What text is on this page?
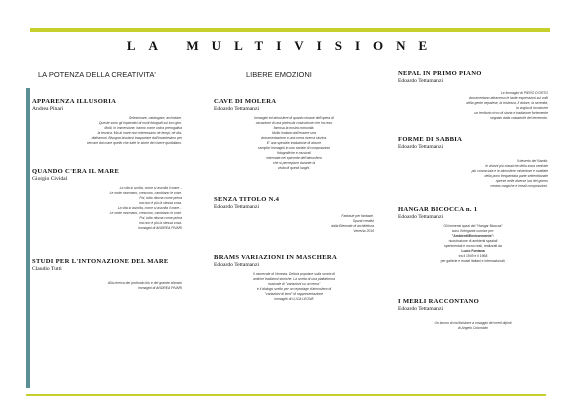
LA MULTIVISIONE
LA POTENZA DELLA CREATIVITA'
APPARENZA ILLUSORIA
Andrea Pinari
Selezionare, catalogare, archiviare.
Queste sono gli imperativi di molti fotografi sul loro giro.
Molti, in immersione, hanno come unica prerogativa
la tecnica. Ma al mare non interessano né tempi, né dia-
diaframmi. Bisogna lasciarsi trasportare dall'incantesimo per
cercare dal mare quello che tutte le storie del vivere quotidiano.
QUANDO C'ERA IL MARE
Giorgio Cividal
La vita si scolta, come si ascolta il mare...
Le onde mormano, crescono, cambiano le cose.
Poi, tutto ritorna come prima
ma non è più la stessa cosa.
La vita si ascolta, come si ascolta il mare...
Le onde mormano, crescono, cambiano le cose.
Poi, tutto ritorna come prima
ma non è più la stessa cosa.
immagini di ANDREA PIVARI
STUDI PER L'INTONAZIONE DEL MARE
Claudio Tutti
Alla ricerca del profondo blu e del grande silenzio
immagini di ANDREA PIVARI
LIBERE EMOZIONI
CAVE DI MOLERA
Edoardo Tettamanzi
Immagini ed atmosfere di quanto rimane dell'opera di
cavazione di una pietra da costruzione che ha reso
famosa la nostra comunità.
Molto lontano dall'essere una
documentazione o una mera ricerca storica.
E' una speciale traduzione di alcune
semplici immagini in uno seriale di composizioni
fotografiche e musicali
intermate nel epicente dell'atmosfera
che si percepisce durante la
visita di questi luoghi.
SENZA TITOLO N.4
Edoardo Tettamanzi
Fantasie per fantasie.
Spunti creativi
dalla Biennale di architettura
Venezia 2016
BRAMS VARIAZIONI IN MASCHERA
Edoardo Tettamanzi
Il carnevale di Venezia. Delicia popolare sulla scorta di
antiche tradizioni storiche. La scelta di una piattaforma
musicale di "variazioni su un tema"
è il dialogo scelto per un reportage d'atmosfera di
"variazioni di temi" di rappresentazione
immagini di LUCA LEONE
NEPAL IN PRIMO PIANO
Edoardo Tettamanzi
Le immagini di PIERO D'ORTO
documentano attraverso le tante espressioni sui volti
della gente nepalese, la tristezza, il dolore, la serenità,
la voglia di ricostruire
un territorio ricco di storia e tradizione fortemente
segnato dalla catastrofe del terremoto.
FORME DI SABBIA
Edoardo Tettamanzi
Il deserto del Namib:
le visioni più classiche della zona centrale
più conosciuta e le atmosfere misteriose e ovattate
della poco frequentata parte settentrionale
riprese nelle diverse luci del giorno
creano magiche e irreali composizioni.
HANGAR BICOCCA n. 1
Edoardo Tettamanzi
Gli immensi spazi del "Hangar Bicocca"
sono l'intrigante cornice per:
"Ambienti/Environments":
ricostruzione di ambienti spaziali
sperimentali e mono reali, realizzati da
Lucio Fontana
tra il 1949 e il 1968
per gallerie e musei italiani e internazionali.
I MERLI RACCONTANO
Edoardo Tettamanzi
Un lavoro di multivisione a omaggio dei merli dipinti
di Angelo Colombini
